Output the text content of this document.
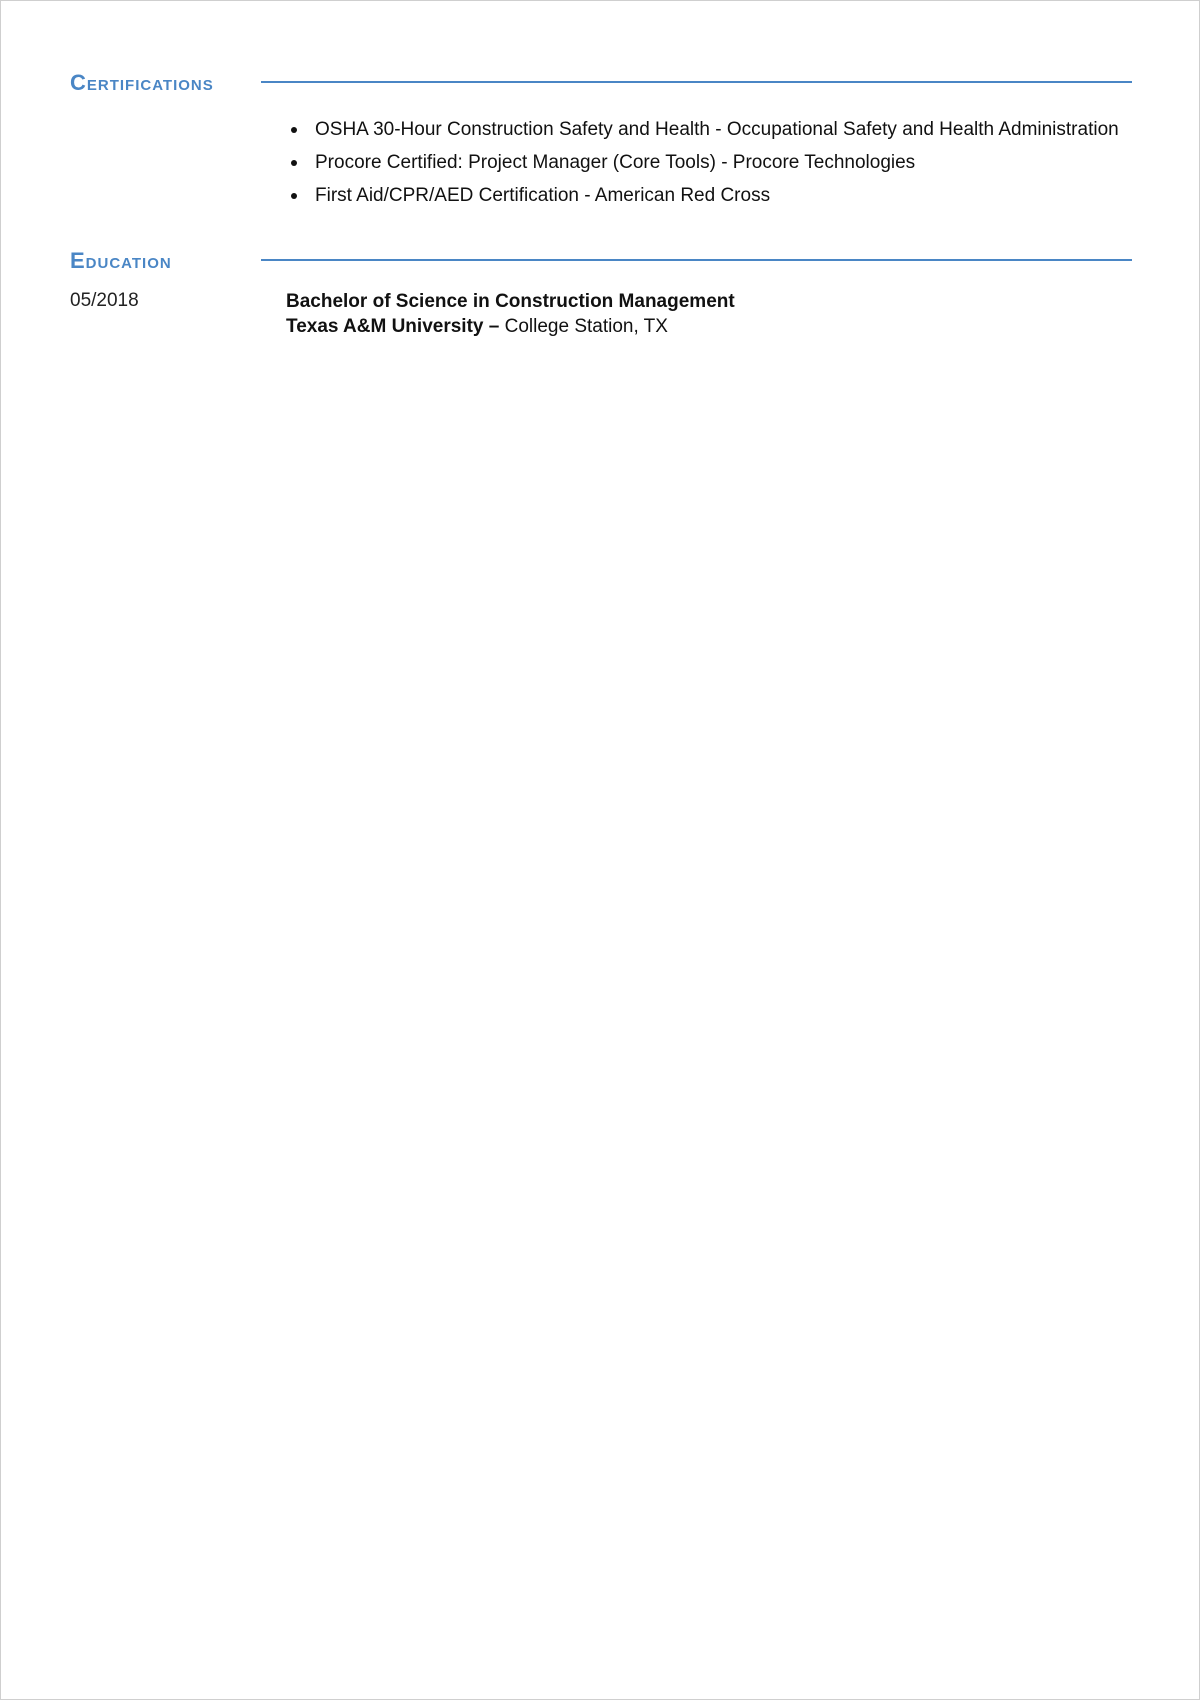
Certifications
OSHA 30-Hour Construction Safety and Health - Occupational Safety and Health Administration
Procore Certified: Project Manager (Core Tools) - Procore Technologies
First Aid/CPR/AED Certification - American Red Cross
Education
05/2018	Bachelor of Science in Construction Management
Texas A&M University – College Station, TX
